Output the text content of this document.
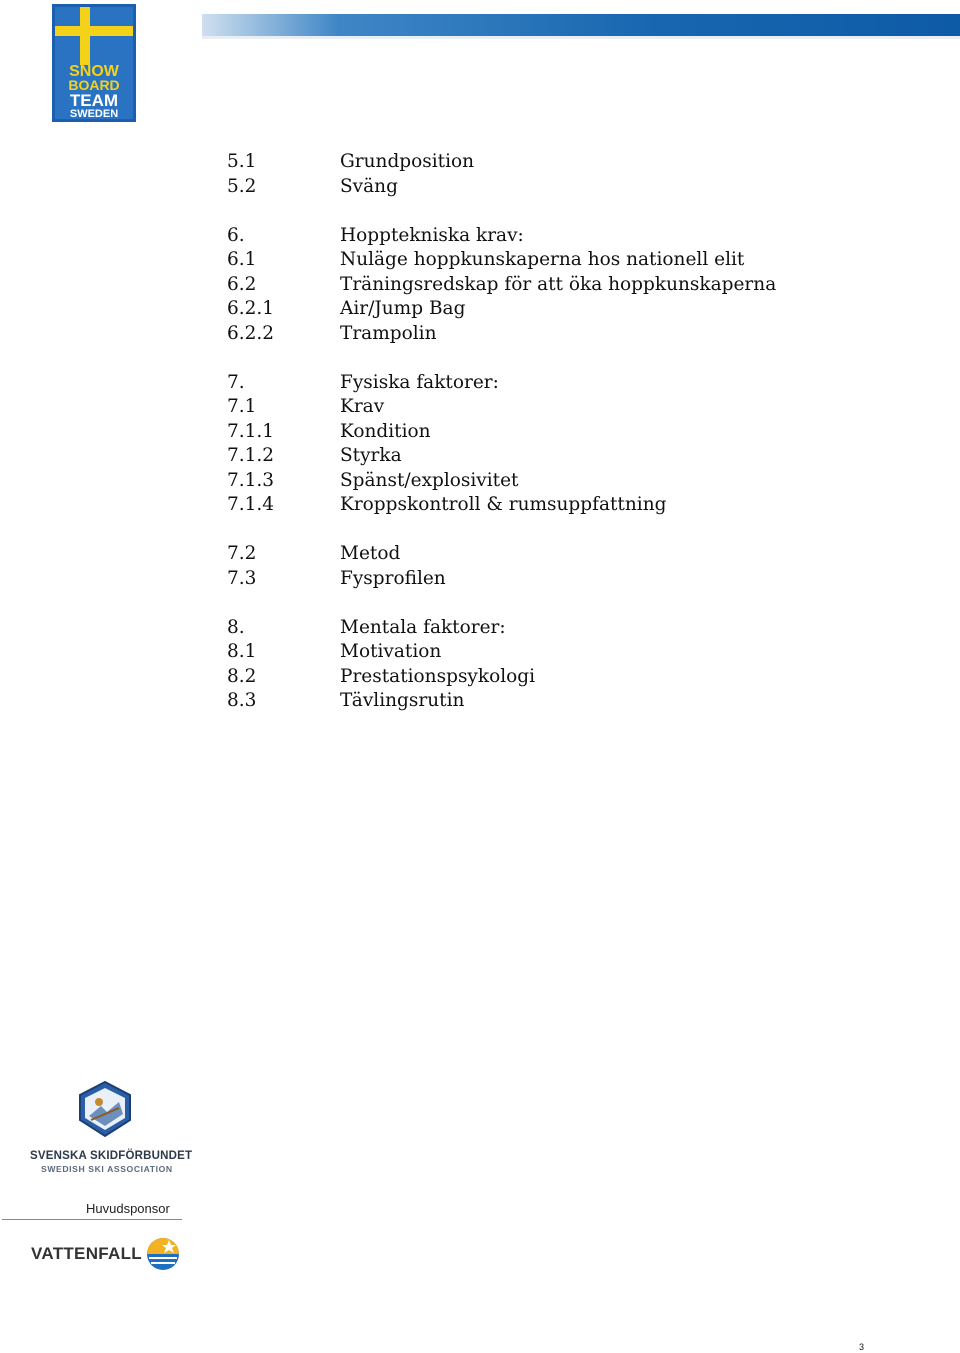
SNOW
BOARD
TEAM
SWEDEN
5.1	Grundposition
5.2	Sväng
6.	Hopptekniska krav:
6.1	Nuläge hoppkunskaperna hos nationell elit
6.2	Träningsredskap för att öka hoppkunskaperna
6.2.1	Air/Jump Bag
6.2.2	Trampolin
7.	Fysiska faktorer:
7.1	Krav
7.1.1	Kondition
7.1.2	Styrka
7.1.3	Spänst/explosivitet
7.1.4	Kroppskontroll & rumsuppfattning
7.2	Metod
7.3	Fysprofilen
8.	Mentala faktorer:
8.1	Motivation
8.2	Prestationspsykologi
8.3	Tävlingsrutin
SVENSKA SKIDFÖRBUNDET
SWEDISH SKI ASSOCIATION
Huvudsponsor
VATTENFALL
3
